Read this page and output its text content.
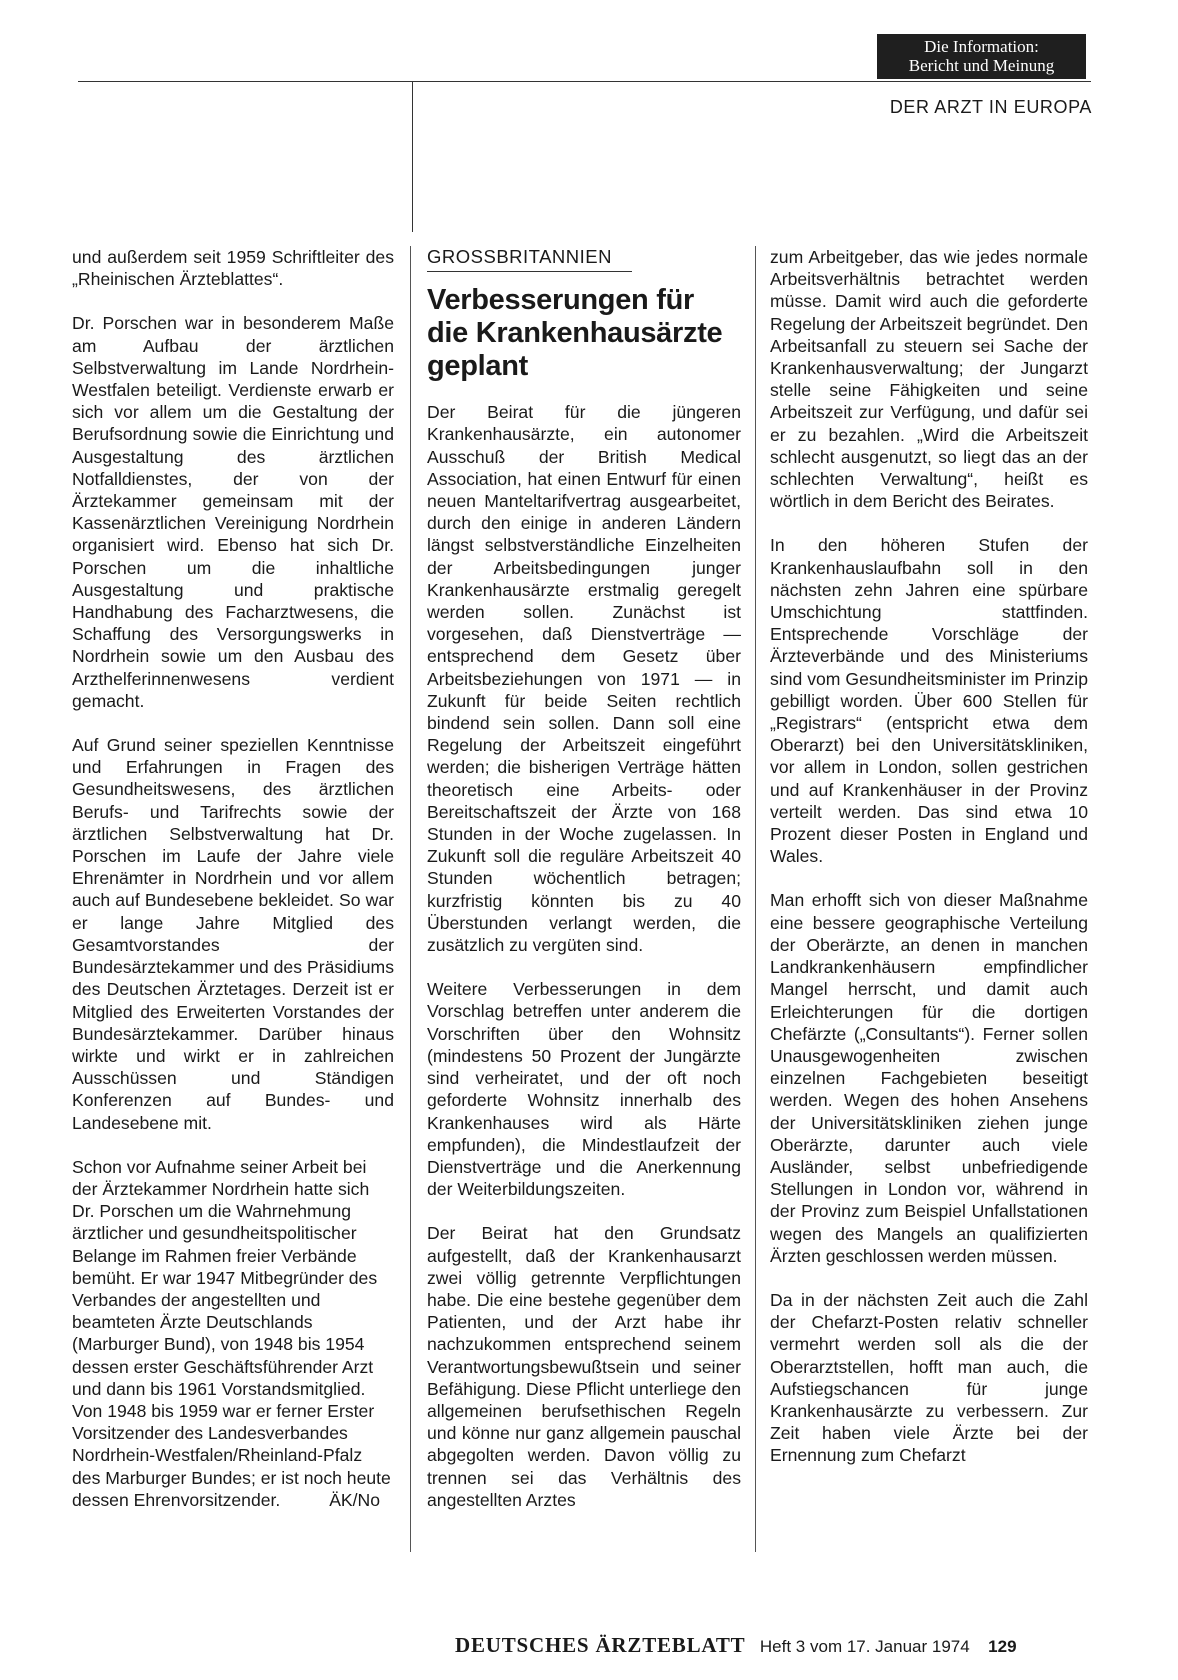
Die Information:
Bericht und Meinung
DER ARZT IN EUROPA

und außerdem seit 1959 Schriftleiter des „Rheinischen Ärzteblattes“.

Dr. Porschen war in besonderem Maße am Aufbau der ärztlichen Selbstverwaltung im Lande Nordrhein-Westfalen beteiligt. Verdienste erwarb er sich vor allem um die Gestaltung der Berufsordnung sowie die Einrichtung und Ausgestaltung des ärztlichen Notfalldienstes, der von der Ärztekammer gemeinsam mit der Kassenärztlichen Vereinigung Nordrhein organisiert wird. Ebenso hat sich Dr. Porschen um die inhaltliche Ausgestaltung und praktische Handhabung des Facharztwesens, die Schaffung des Versorgungswerks in Nordrhein sowie um den Ausbau des Arzthelferinnenwesens verdient gemacht.

Auf Grund seiner speziellen Kenntnisse und Erfahrungen in Fragen des Gesundheitswesens, des ärztlichen Berufs- und Tarifrechts sowie der ärztlichen Selbstverwaltung hat Dr. Porschen im Laufe der Jahre viele Ehrenämter in Nordrhein und vor allem auch auf Bundesebene bekleidet. So war er lange Jahre Mitglied des Gesamtvorstandes der Bundesärztekammer und des Präsidiums des Deutschen Ärztetages. Derzeit ist er Mitglied des Erweiterten Vorstandes der Bundesärztekammer. Darüber hinaus wirkte und wirkt er in zahlreichen Ausschüssen und Ständigen Konferenzen auf Bundes- und Landesebene mit.

Schon vor Aufnahme seiner Arbeit bei der Ärztekammer Nordrhein hatte sich Dr. Porschen um die Wahrnehmung ärztlicher und gesundheitspolitischer Belange im Rahmen freier Verbände bemüht. Er war 1947 Mitbegründer des Verbandes der angestellten und beamteten Ärzte Deutschlands (Marburger Bund), von 1948 bis 1954 dessen erster Geschäftsführender Arzt und dann bis 1961 Vorstandsmitglied. Von 1948 bis 1959 war er ferner Erster Vorsitzender des Landesverbandes Nordrhein-Westfalen/Rheinland-Pfalz des Marburger Bundes; er ist noch heute dessen Ehrenvorsitzender.          ÄK/No

GROSSBRITANNIEN
Verbesserungen für die Krankenhausärzte geplant

Der Beirat für die jüngeren Krankenhausärzte, ein autonomer Ausschuß der British Medical Association, hat einen Entwurf für einen neuen Manteltarifvertrag ausgearbeitet, durch den einige in anderen Ländern längst selbstverständliche Einzelheiten der Arbeitsbedingungen junger Krankenhausärzte erstmalig geregelt werden sollen. Zunächst ist vorgesehen, daß Dienstverträge — entsprechend dem Gesetz über Arbeitsbeziehungen von 1971 — in Zukunft für beide Seiten rechtlich bindend sein sollen. Dann soll eine Regelung der Arbeitszeit eingeführt werden; die bisherigen Verträge hätten theoretisch eine Arbeits- oder Bereitschaftszeit der Ärzte von 168 Stunden in der Woche zugelassen. In Zukunft soll die reguläre Arbeitszeit 40 Stunden wöchentlich betragen; kurzfristig könnten bis zu 40 Überstunden verlangt werden, die zusätzlich zu vergüten sind.

Weitere Verbesserungen in dem Vorschlag betreffen unter anderem die Vorschriften über den Wohnsitz (mindestens 50 Prozent der Jungärzte sind verheiratet, und der oft noch geforderte Wohnsitz innerhalb des Krankenhauses wird als Härte empfunden), die Mindestlaufzeit der Dienstverträge und die Anerkennung der Weiterbildungszeiten.

Der Beirat hat den Grundsatz aufgestellt, daß der Krankenhausarzt zwei völlig getrennte Verpflichtungen habe. Die eine bestehe gegenüber dem Patienten, und der Arzt habe ihr nachzukommen entsprechend seinem Verantwortungsbewußtsein und seiner Befähigung. Diese Pflicht unterliege den allgemeinen berufsethischen Regeln und könne nur ganz allgemein pauschal abgegolten werden. Davon völlig zu trennen sei das Verhältnis des angestellten Arztes

zum Arbeitgeber, das wie jedes normale Arbeitsverhältnis betrachtet werden müsse. Damit wird auch die geforderte Regelung der Arbeitszeit begründet. Den Arbeitsanfall zu steuern sei Sache der Krankenhausverwaltung; der Jungarzt stelle seine Fähigkeiten und seine Arbeitszeit zur Verfügung, und dafür sei er zu bezahlen. „Wird die Arbeitszeit schlecht ausgenutzt, so liegt das an der schlechten Verwaltung“, heißt es wörtlich in dem Bericht des Beirates.

In den höheren Stufen der Krankenhauslaufbahn soll in den nächsten zehn Jahren eine spürbare Umschichtung stattfinden. Entsprechende Vorschläge der Ärzteverbände und des Ministeriums sind vom Gesundheitsminister im Prinzip gebilligt worden. Über 600 Stellen für „Registrars“ (entspricht etwa dem Oberarzt) bei den Universitätskliniken, vor allem in London, sollen gestrichen und auf Krankenhäuser in der Provinz verteilt werden. Das sind etwa 10 Prozent dieser Posten in England und Wales.

Man erhofft sich von dieser Maßnahme eine bessere geographische Verteilung der Oberärzte, an denen in manchen Landkrankenhäusern empfindlicher Mangel herrscht, und damit auch Erleichterungen für die dortigen Chefärzte („Consultants“). Ferner sollen Unausgewogenheiten zwischen einzelnen Fachgebieten beseitigt werden. Wegen des hohen Ansehens der Universitätskliniken ziehen junge Oberärzte, darunter auch viele Ausländer, selbst unbefriedigende Stellungen in London vor, während in der Provinz zum Beispiel Unfallstationen wegen des Mangels an qualifizierten Ärzten geschlossen werden müssen.

Da in der nächsten Zeit auch die Zahl der Chefarzt-Posten relativ schneller vermehrt werden soll als die der Oberarztstellen, hofft man auch, die Aufstiegschancen für junge Krankenhausärzte zu verbessern. Zur Zeit haben viele Ärzte bei der Ernennung zum Chefarzt

DEUTSCHES ÄRZTEBLATT Heft 3 vom 17. Januar 1974 129
